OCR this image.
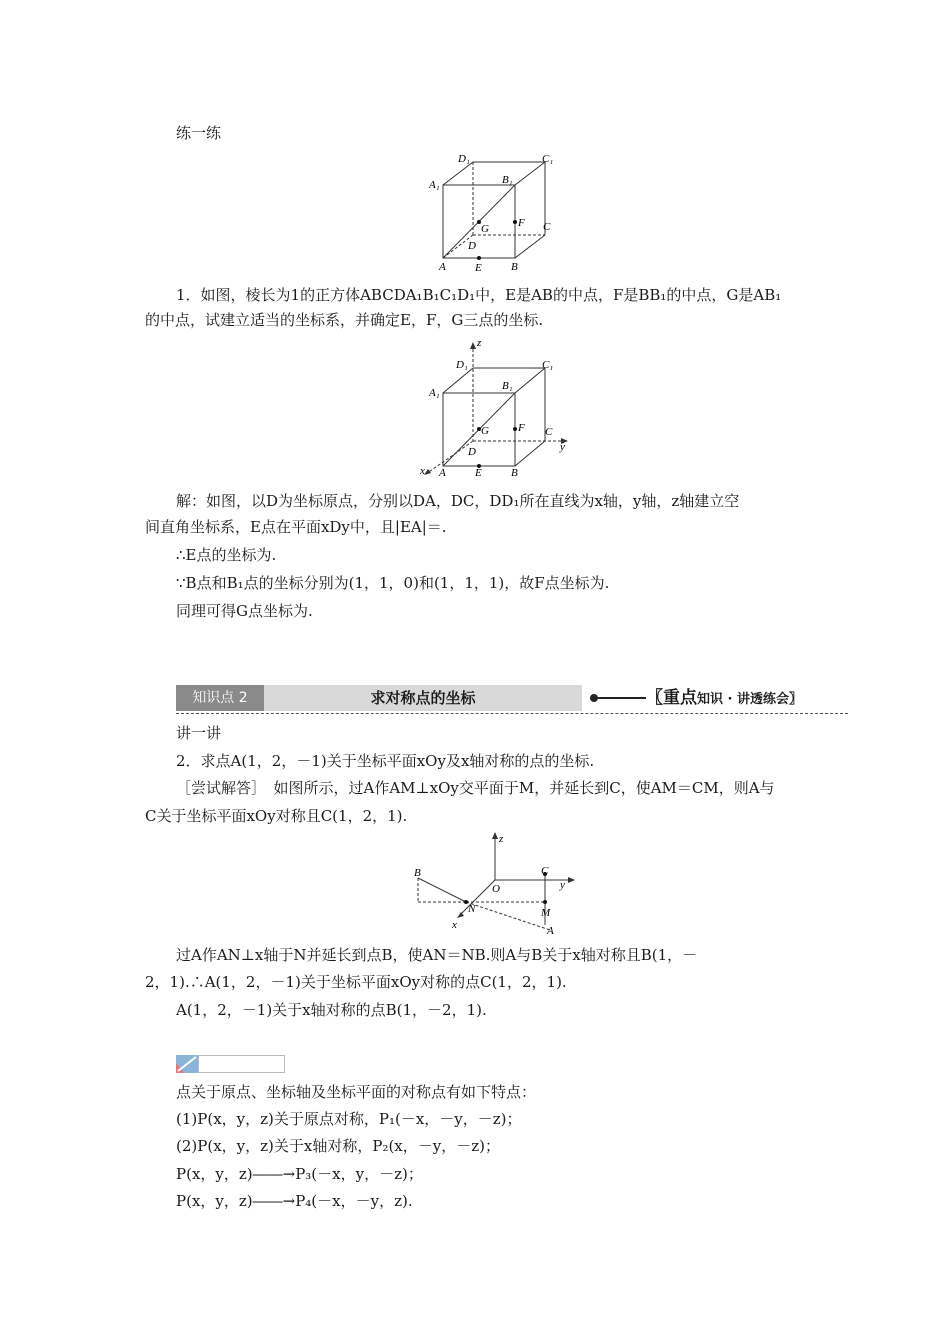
练一练
D₁	C₁
A₁	B₁
G	F C
D
A	E	B
1．如图，棱长为1的正方体ABCDA₁B₁C₁D₁中，E是AB的中点，F是BB₁的中点，G是AB₁
的中点，试建立适当的坐标系，并确定E，F，G三点的坐标.
z
D₁	C₁
A₁
B₁
G	F C
y
D
x A	E	B
解：如图，以D为坐标原点，分别以DA，DC，DD₁所在直线为x轴，y轴，z轴建立空
间直角坐标系，E点在平面xDy中，且|EA|＝.
∴E点的坐标为.
∵B点和B₁点的坐标分别为(1，1，0)和(1，1，1)，故F点坐标为.
同理可得G点坐标为.
知识点 2	求对称点的坐标	〖重点知识 · 讲透练会〗
讲一讲
2．求点A(1，2，－1)关于坐标平面xOy及x轴对称的点的坐标.
［尝试解答］　如图所示，过A作AM⊥xOy交平面于M，并延长到C，使AM＝CM，则A与
C关于坐标平面xOy对称且C(1，2，1).
z
B
O
C
y
N	M
x	A
过A作AN⊥x轴于N并延长到点B，使AN＝NB.则A与B关于x轴对称且B(1，－
2，1).∴A(1，2，－1)关于坐标平面xOy对称的点C(1，2，1).
A(1，2，－1)关于x轴对称的点B(1，－2，1).
点关于原点、坐标轴及坐标平面的对称点有如下特点：
(1)P(x，y，z)关于原点对称，P₁(－x，－y，－z)；
(2)P(x，y，z)关于x轴对称，P₂(x，－y，－z)；
P(x，y，z)――→P₃(－x，y，－z)；
P(x，y，z)――→P₄(－x，－y，z).
